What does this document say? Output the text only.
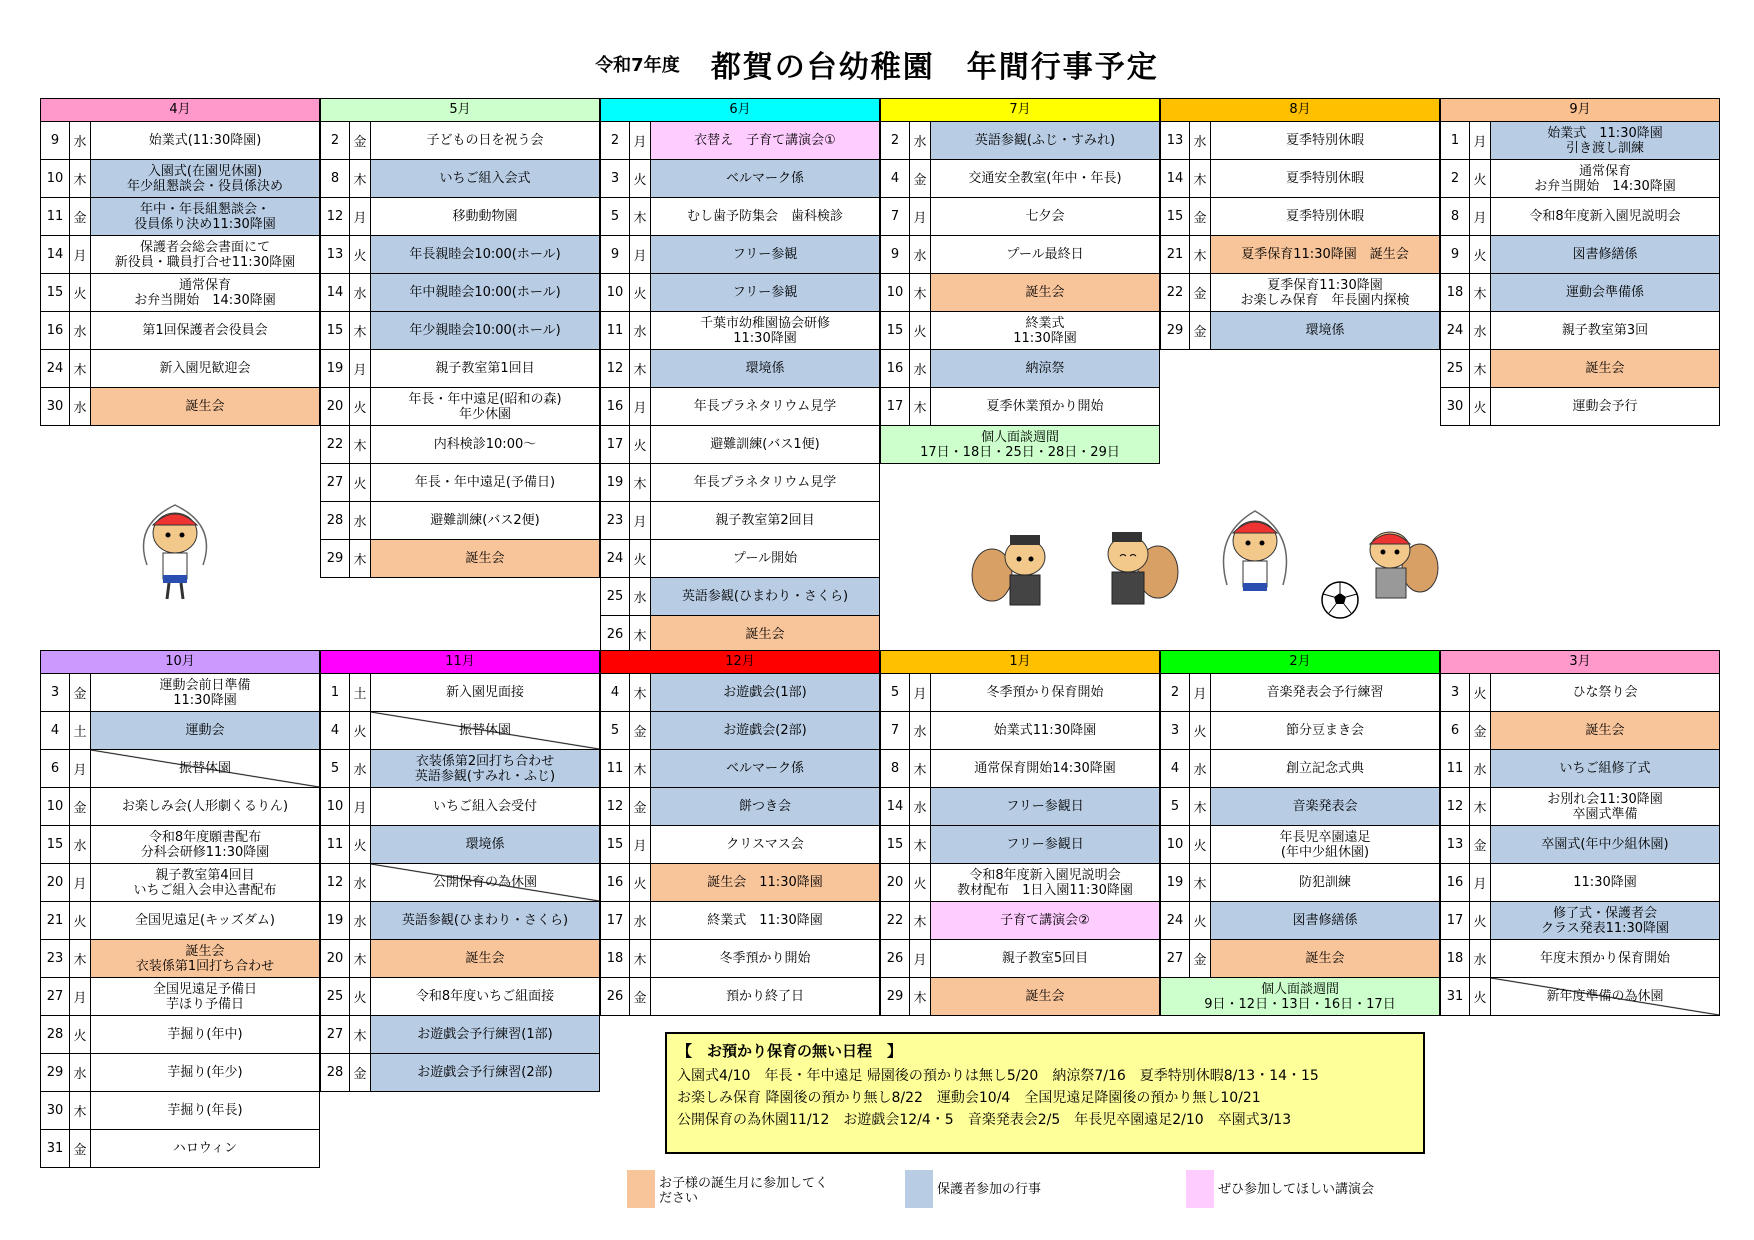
令和7年度 都賀の台幼稚園　年間行事予定
【　お預かり保育の無い日程　】
入園式4/10　年長・年中遠足 帰園後の預かりは無し5/20　納涼祭7/16　夏季特別休暇8/13・14・15
お楽しみ保育 降園後の預かり無し8/22　運動会10/4　全国児遠足降園後の預かり無し10/21
公開保育の為休園11/12　お遊戯会12/4・5　音楽発表会2/5　年長児卒園遠足2/10　卒園式3/13
お子様の誕生月に参加してください
保護者参加の行事	ぜひ参加してほしい講演会
4月
9	水	始業式(11:30降園)
10 木
入園式(在園児休園)
年少組懇談会・役員係決め
11 金
年中・年長組懇談会・
役員係り決め11:30降園
14 月
保護者会総会書面にて
新役員・職員打合せ11:30降園
15 火
通常保育
お弁当開始　14:30降園
16 水	第1回保護者会役員会
24 木	新入園児歓迎会
30 水	誕生会
5月
2	金	子どもの日を祝う会
8	木	いちご組入会式
12 月	移動動物園
13 火	年長親睦会10:00(ホール)
14 水	年中親睦会10:00(ホール)
15 木	年少親睦会10:00(ホール)
19 月	親子教室第1回目
20 火
年長・年中遠足(昭和の森)
年少休園
22 木	内科検診10:00～
27 火	年長・年中遠足(予備日)
28 水	避難訓練(バス2便)
29 木	誕生会
6月
2	月	衣替え　子育て講演会①
3	火	ベルマーク係
5	木	むし歯予防集会　歯科検診
9	月	フリー参観
10 火	フリー参観
11 水
千葉市幼稚園協会研修
11:30降園
12 木	環境係
16 月	年長プラネタリウム見学
17 火	避難訓練(バス1便)
19 木	年長プラネタリウム見学
23 月	親子教室第2回目
24 火	プール開始
25 水	英語参観(ひまわり・さくら)
26 木	誕生会
7月
2	水	英語参観(ふじ・すみれ)
4	金	交通安全教室(年中・年長)
7	月	七夕会
9	水	プール最終日
10 木	誕生会
15 火
終業式
11:30降園
16 水	納涼祭
17 木	夏季休業預かり開始
個人面談週間
17日・18日・25日・28日・29日
8月
13 水	夏季特別休暇
14 木	夏季特別休暇
15 金	夏季特別休暇
21 木	夏季保育11:30降園　誕生会
22 金
夏季保育11:30降園
お楽しみ保育　年長園内探検
29 金	環境係
9月
1	月
始業式　11:30降園
引き渡し訓練
2	火
通常保育
お弁当開始　14:30降園
8	月	令和8年度新入園児説明会
9	火	図書修繕係
18 木	運動会準備係
24 水	親子教室第3回
25 木	誕生会
30 火	運動会予行
10月
3	金
運動会前日準備
11:30降園
4	土	運動会
6	月	振替休園
10 金	お楽しみ会(人形劇くるりん)
15 水
令和8年度願書配布
分科会研修11:30降園
20 月
親子教室第4回目
いちご組入会申込書配布
21 火	全国児遠足(キッズダム)
23 木
誕生会
衣装係第1回打ち合わせ
27 月
全国児遠足予備日
芋ほり予備日
28 火	芋掘り(年中)
29 水	芋掘り(年少)
30 木	芋掘り(年長)
31 金	ハロウィン
11月
1	土	新入園児面接
4	火	振替休園
5	水
衣装係第2回打ち合わせ
英語参観(すみれ・ふじ)
10 月	いちご組入会受付
11 火	環境係
12 水	公開保育の為休園
19 水	英語参観(ひまわり・さくら)
20 木	誕生会
25 火	令和8年度いちご組面接
27 木	お遊戯会予行練習(1部)
28 金	お遊戯会予行練習(2部)
12月
4	木	お遊戯会(1部)
5	金	お遊戯会(2部)
11 木	ベルマーク係
12 金	餅つき会
15 月	クリスマス会
16 火	誕生会　11:30降園
17 水	終業式　11:30降園
18 木	冬季預かり開始
26 金	預かり終了日
1月
5	月	冬季預かり保育開始
7	水	始業式11:30降園
8	木	通常保育開始14:30降園
14 水	フリー参観日
15 木	フリー参観日
20 火
令和8年度新入園児説明会
教材配布　1日入園11:30降園
22 木	子育て講演会②
26 月	親子教室5回目
29 木	誕生会
2月
2	月	音楽発表会予行練習
3	火	節分豆まき会
4	水	創立記念式典
5	木	音楽発表会
10 火
年長児卒園遠足
(年中少組休園)
19 木	防犯訓練
24 火	図書修繕係
27 金	誕生会
個人面談週間
9日・12日・13日・16日・17日
3月
3	火	ひな祭り会
6	金	誕生会
11 水	いちご組修了式
12 木
お別れ会11:30降園
卒園式準備
13 金	卒園式(年中少組休園)
16 月	11:30降園
17 火
修了式・保護者会
クラス発表11:30降園
18 水	年度末預かり保育開始
31 火	新年度準備の為休園
